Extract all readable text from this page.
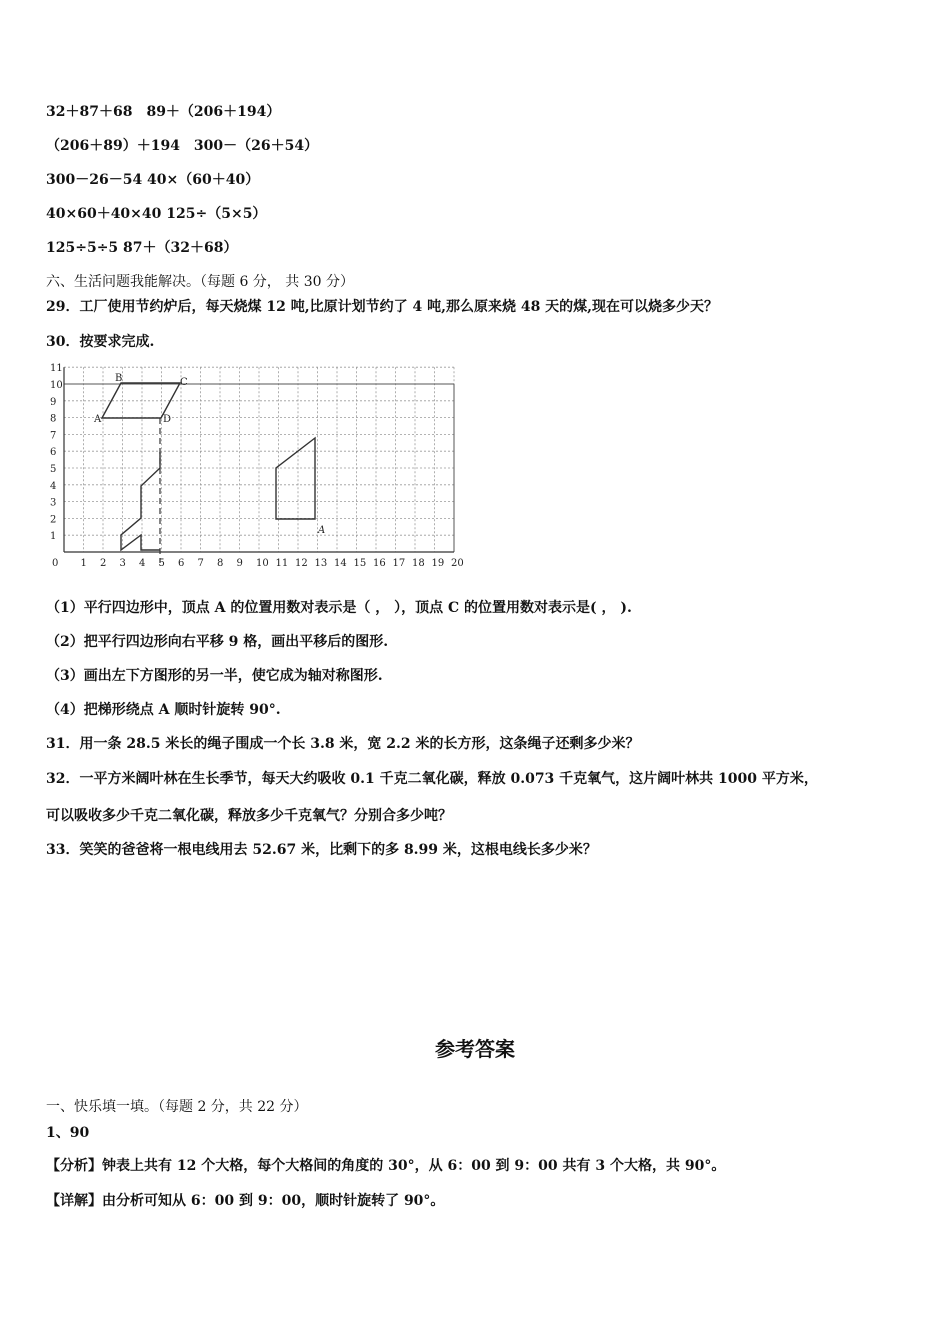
32＋87＋68　89＋（206＋194）
（206＋89）＋194　300－（26＋54）
300－26－54 40×（60＋40）
40×60＋40×40 125÷（5×5）
125÷5÷5 87＋（32＋68）
六、生活问题我能解决。（每题 6 分， 共 30 分）
29．工厂使用节约炉后，每天烧煤 12 吨,比原计划节约了 4 吨,那么原来烧 48 天的煤,现在可以烧多少天？
30．按要求完成.
A
B	C
D
A
0 1 2 3 4 5 6 7 8 9 10 11 12 13 14 15 16 17 18 19 20
1
2
3
4
5
6
7
8
9
10
11
（1）平行四边形中，顶点 A 的位置用数对表示是（ ， ），顶点 C 的位置用数对表示是( ， ).
（2）把平行四边形向右平移 9 格，画出平移后的图形.
（3）画出左下方图形的另一半，使它成为轴对称图形.
（4）把梯形绕点 A 顺时针旋转 90°.
31．用一条 28.5 米长的绳子围成一个长 3.8 米，宽 2.2 米的长方形，这条绳子还剩多少米？
32．一平方米阔叶林在生长季节，每天大约吸收 0.1 千克二氧化碳，释放 0.073 千克氧气，这片阔叶林共 1000 平方米，
可以吸收多少千克二氧化碳，释放多少千克氧气？分别合多少吨？
33．笑笑的爸爸将一根电线用去 52.67 米，比剩下的多 8.99 米，这根电线长多少米？
参考答案
一、快乐填一填。（每题 2 分，共 22 分）
1、90
【分析】钟表上共有 12 个大格，每个大格间的角度的 30°，从 6：00 到 9：00 共有 3 个大格，共 90°。
【详解】由分析可知从 6：00 到 9：00，顺时针旋转了 90°。
